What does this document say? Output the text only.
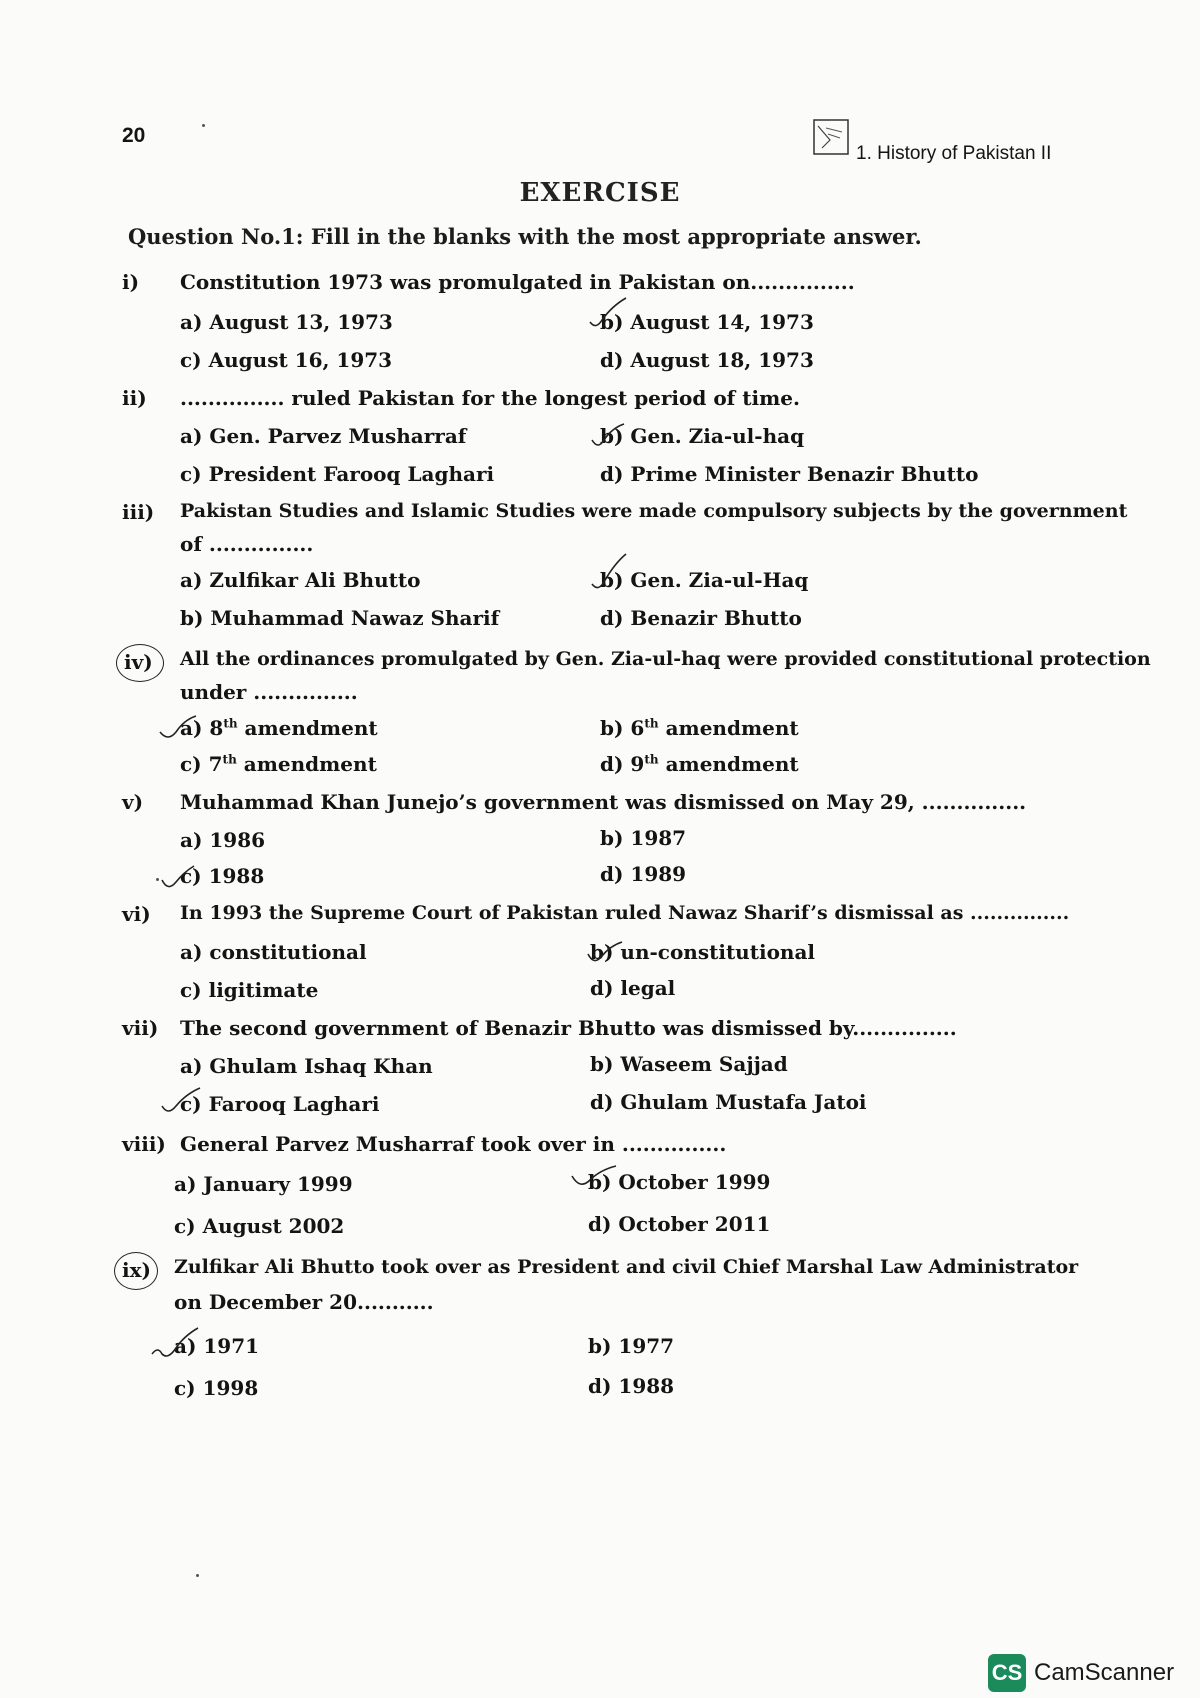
20
1. History of Pakistan II
EXERCISE
Question No.1: Fill in the blanks with the most appropriate answer.
i) Constitution 1973 was promulgated in Pakistan on...............
a) August 13, 1973	b) August 14, 1973
c) August 16, 1973	d) August 18, 1973
ii) ............... ruled Pakistan for the longest period of time.
a) Gen. Parvez Musharraf	b) Gen. Zia-ul-haq
c) President Farooq Laghari	d) Prime Minister Benazir Bhutto
iii) Pakistan Studies and Islamic Studies were made compulsory subjects by the government
of ...............
a) Zulfikar Ali Bhutto	b) Gen. Zia-ul-Haq
b) Muhammad Nawaz Sharif	d) Benazir Bhutto
iv) All the ordinances promulgated by Gen. Zia-ul-haq were provided constitutional protection
under ...............
a) 8th amendment	b) 6th amendment
c) 7th amendment	d) 9th amendment
v) Muhammad Khan Junejo’s government was dismissed on May 29, ...............
a) 1986	b) 1987
c) 1988	d) 1989
vi) In 1993 the Supreme Court of Pakistan ruled Nawaz Sharif’s dismissal as ...............
a) constitutional	b) un-constitutional
c) ligitimate	d) legal
vii) The second government of Benazir Bhutto was dismissed by...............
a) Ghulam Ishaq Khan	b) Waseem Sajjad
c) Farooq Laghari	d) Ghulam Mustafa Jatoi
viii) General Parvez Musharraf took over in ...............
a) January 1999	b) October 1999
c) August 2002	d) October 2011
ix) Zulfikar Ali Bhutto took over as President and civil Chief Marshal Law Administrator
on December 20...........
a) 1971	b) 1977
c) 1998	d) 1988
CS CamScanner
